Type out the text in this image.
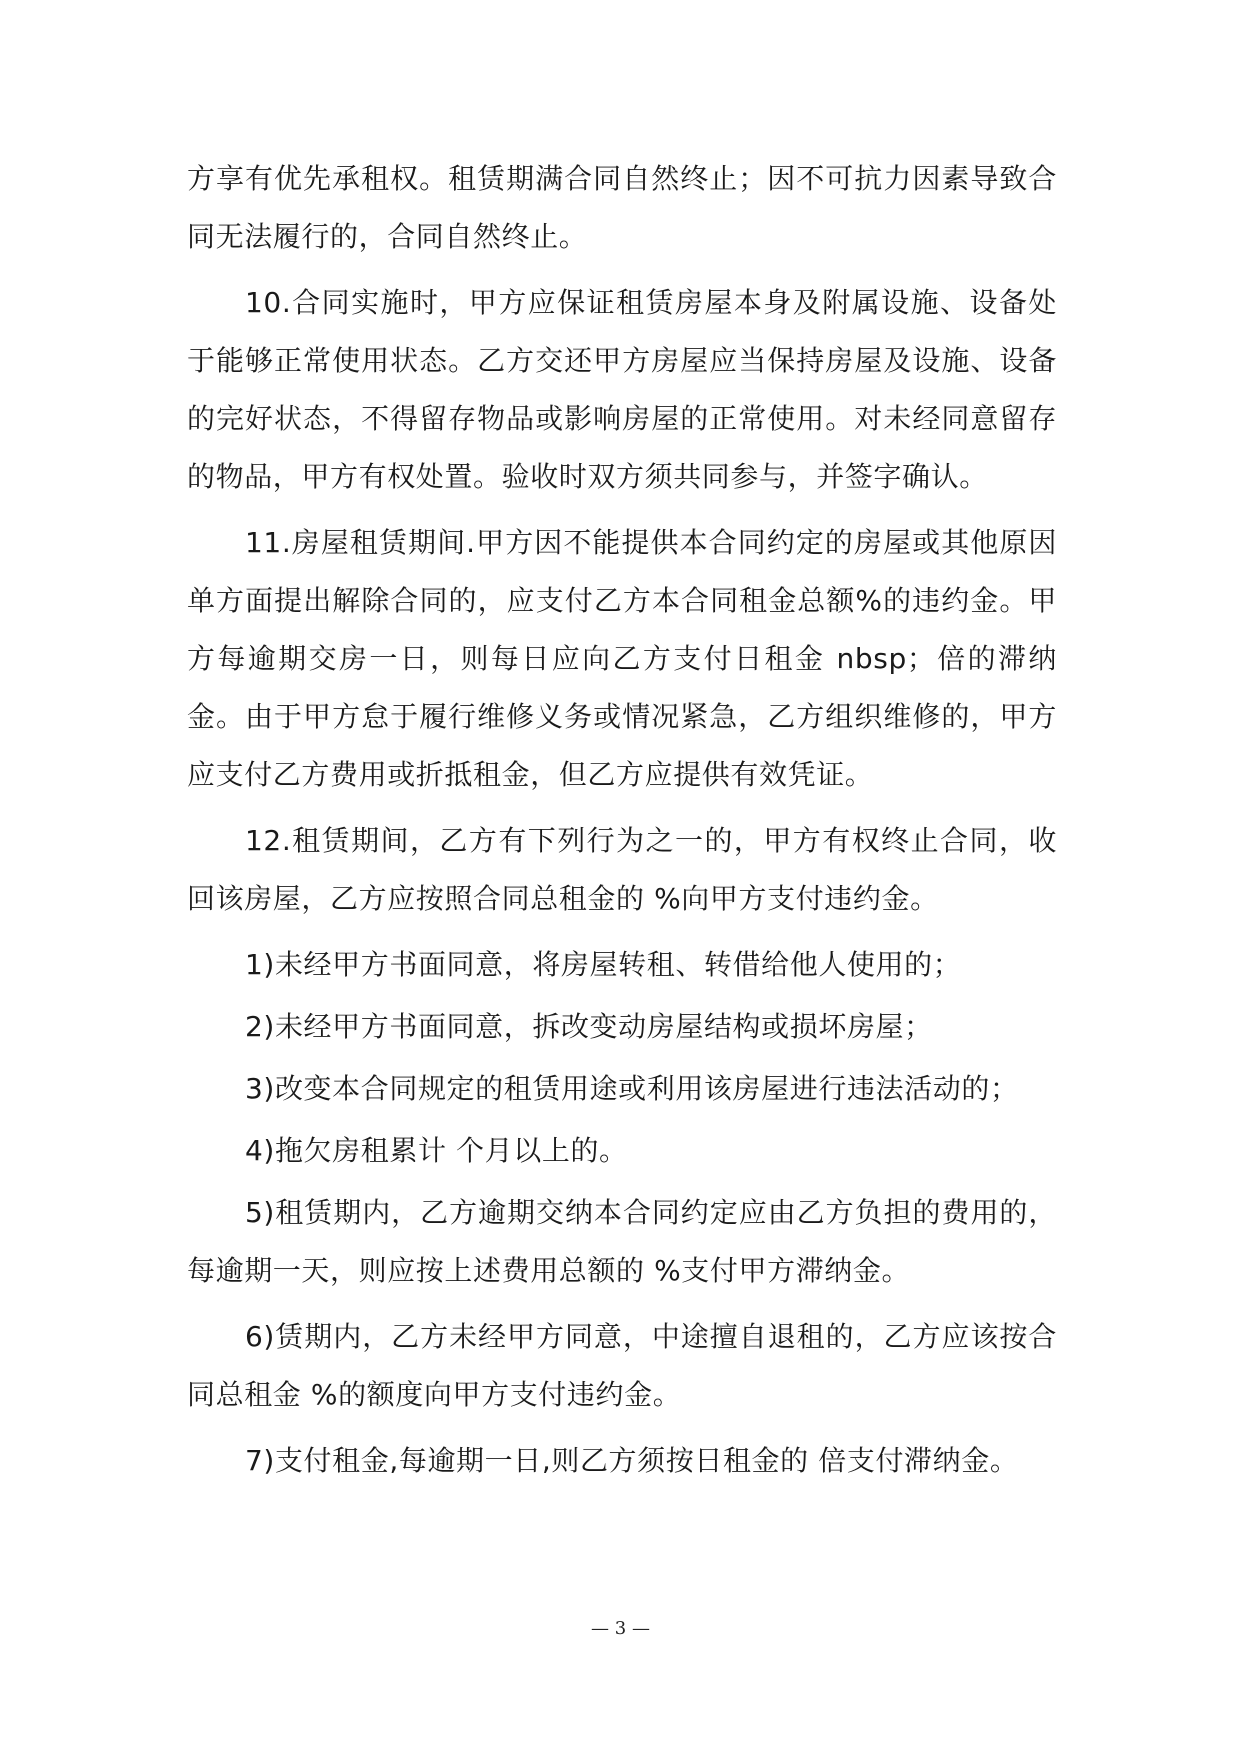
方享有优先承租权。租赁期满合同自然终止；因不可抗力因素导致合同无法履行的，合同自然终止。

10.合同实施时，甲方应保证租赁房屋本身及附属设施、设备处于能够正常使用状态。乙方交还甲方房屋应当保持房屋及设施、设备的完好状态，不得留存物品或影响房屋的正常使用。对未经同意留存的物品，甲方有权处置。验收时双方须共同参与，并签字确认。

11.房屋租赁期间.甲方因不能提供本合同约定的房屋或其他原因单方面提出解除合同的，应支付乙方本合同租金总额%的违约金。甲方每逾期交房一日，则每日应向乙方支付日租金 nbsp；倍的滞纳金。由于甲方怠于履行维修义务或情况紧急，乙方组织维修的，甲方应支付乙方费用或折抵租金，但乙方应提供有效凭证。

12.租赁期间，乙方有下列行为之一的，甲方有权终止合同，收回该房屋，乙方应按照合同总租金的 %向甲方支付违约金。

1)未经甲方书面同意，将房屋转租、转借给他人使用的；

2)未经甲方书面同意，拆改变动房屋结构或损坏房屋；

3)改变本合同规定的租赁用途或利用该房屋进行违法活动的；

4)拖欠房租累计 个月以上的。

5)租赁期内，乙方逾期交纳本合同约定应由乙方负担的费用的，每逾期一天，则应按上述费用总额的 %支付甲方滞纳金。

6)赁期内，乙方未经甲方同意，中途擅自退租的，乙方应该按合同总租金 %的额度向甲方支付违约金。

7)支付租金,每逾期一日,则乙方须按日租金的 倍支付滞纳金。

— 3 —
